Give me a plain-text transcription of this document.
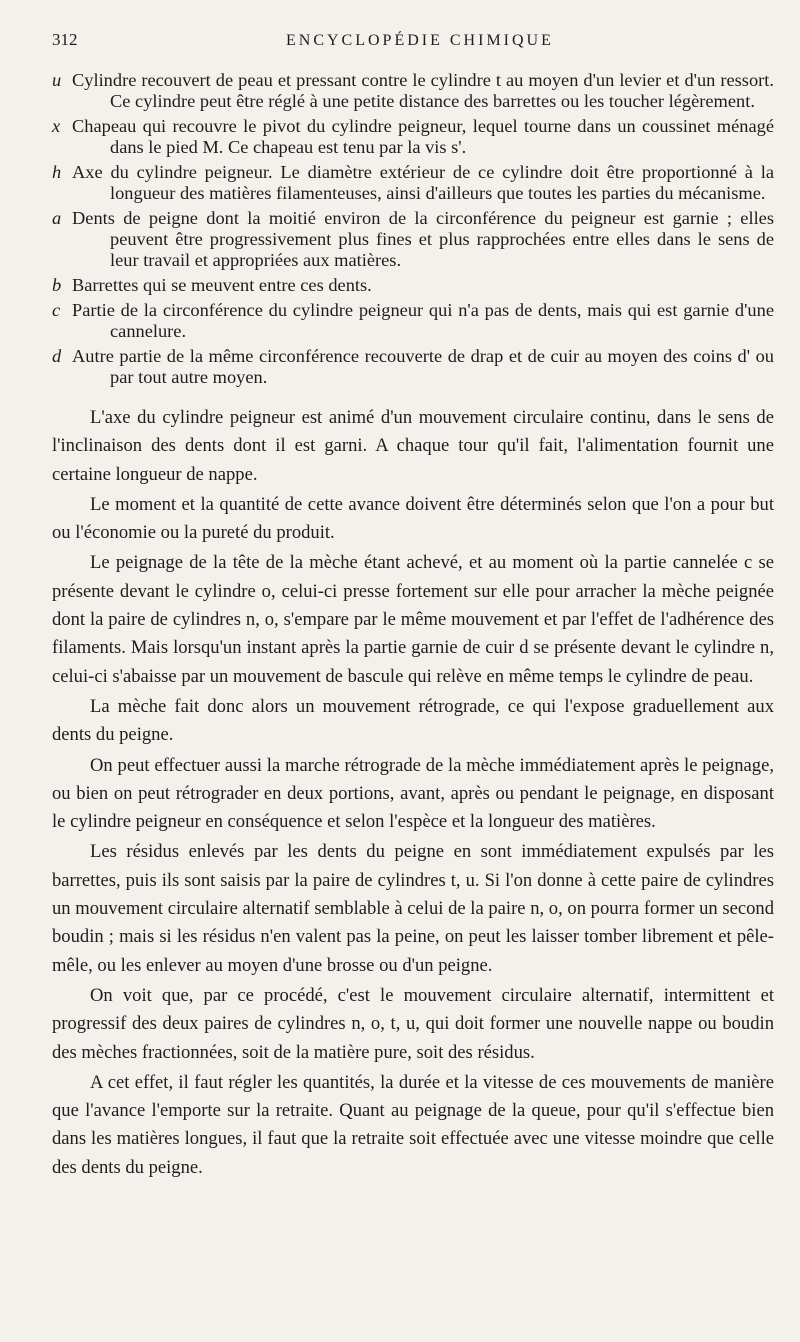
312	ENCYCLOPÉDIE CHIMIQUE
u Cylindre recouvert de peau et pressant contre le cylindre t au moyen d'un levier et d'un ressort. Ce cylindre peut être réglé à une petite distance des barrettes ou les toucher légèrement.
x Chapeau qui recouvre le pivot du cylindre peigneur, lequel tourne dans un coussinet ménagé dans le pied M. Ce chapeau est tenu par la vis s'.
h Axe du cylindre peigneur. Le diamètre extérieur de ce cylindre doit être proportionné à la longueur des matières filamenteuses, ainsi d'ailleurs que toutes les parties du mécanisme.
a Dents de peigne dont la moitié environ de la circonférence du peigneur est garnie ; elles peuvent être progressivement plus fines et plus rapprochées entre elles dans le sens de leur travail et appropriées aux matières.
b Barrettes qui se meuvent entre ces dents.
c Partie de la circonférence du cylindre peigneur qui n'a pas de dents, mais qui est garnie d'une cannelure.
d Autre partie de la même circonférence recouverte de drap et de cuir au moyen des coins d' ou par tout autre moyen.

L'axe du cylindre peigneur est animé d'un mouvement circulaire continu, dans le sens de l'inclinaison des dents dont il est garni. A chaque tour qu'il fait, l'alimentation fournit une certaine longueur de nappe.

Le moment et la quantité de cette avance doivent être déterminés selon que l'on a pour but ou l'économie ou la pureté du produit.

Le peignage de la tête de la mèche étant achevé, et au moment où la partie cannelée c se présente devant le cylindre o, celui-ci presse fortement sur elle pour arracher la mèche peignée dont la paire de cylindres n, o, s'empare par le même mouvement et par l'effet de l'adhérence des filaments. Mais lorsqu'un instant après la partie garnie de cuir d se présente devant le cylindre n, celui-ci s'abaisse par un mouvement de bascule qui relève en même temps le cylindre de peau.

La mèche fait donc alors un mouvement rétrograde, ce qui l'expose graduellement aux dents du peigne.

On peut effectuer aussi la marche rétrograde de la mèche immédiatement après le peignage, ou bien on peut rétrograder en deux portions, avant, après ou pendant le peignage, en disposant le cylindre peigneur en conséquence et selon l'espèce et la longueur des matières.

Les résidus enlevés par les dents du peigne en sont immédiatement expulsés par les barrettes, puis ils sont saisis par la paire de cylindres t, u. Si l'on donne à cette paire de cylindres un mouvement circulaire alternatif semblable à celui de la paire n, o, on pourra former un second boudin ; mais si les résidus n'en valent pas la peine, on peut les laisser tomber librement et pêle-mêle, ou les enlever au moyen d'une brosse ou d'un peigne.

On voit que, par ce procédé, c'est le mouvement circulaire alternatif, intermittent et progressif des deux paires de cylindres n, o, t, u, qui doit former une nouvelle nappe ou boudin des mèches fractionnées, soit de la matière pure, soit des résidus.

A cet effet, il faut régler les quantités, la durée et la vitesse de ces mouvements de manière que l'avance l'emporte sur la retraite. Quant au peignage de la queue, pour qu'il s'effectue bien dans les matières longues, il faut que la retraite soit effectuée avec une vitesse moindre que celle des dents du peigne.
